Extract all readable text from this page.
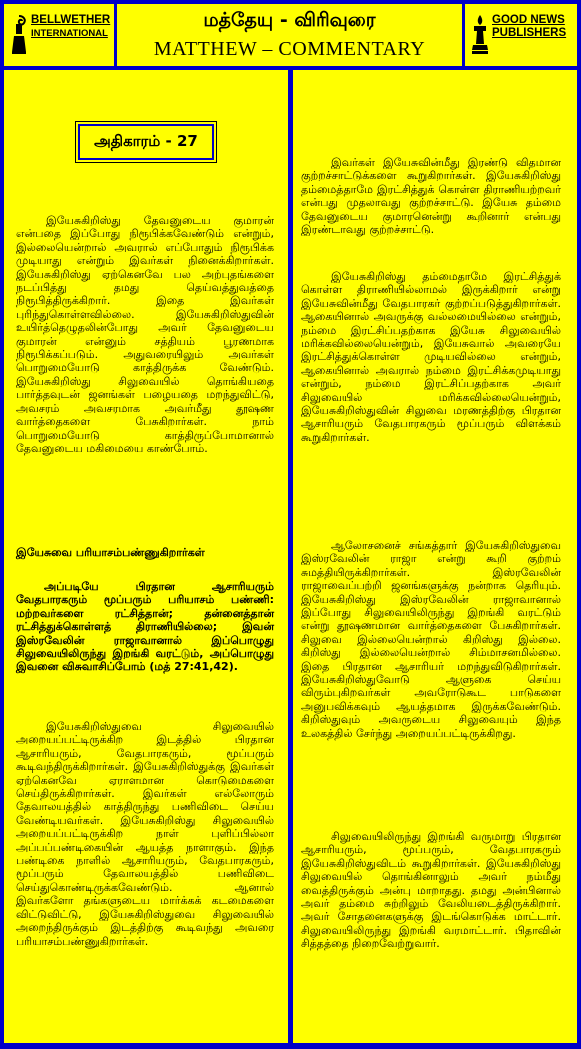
BELLWETHER
INTERNATIONAL
மத்தேயு - விரிவுரை
MATTHEW – COMMENTARY
GOOD NEWS
PUBLISHERS
அதிகாரம் - 27
இயேசுகிறிஸ்து தேவனுடைய குமாரன் என்பதை இப்போது நிரூபிக்கவேண்டும் என்றும், இல்லையென்றால் அவரால் எப்போதும் நிரூபிக்க முடியாது என்றும் இவர்கள் நினைக்கிறார்கள். இயேசுகிறிஸ்து ஏற்கெனவே பல அற்புதங்களை நடப்பித்து தமது தெய்வத்துவத்தை நிரூபித்திருக்கிறார். இதை இவர்கள் புரிந்துகொள்ளவில்லை. இயேசுகிறிஸ்துவின் உயிர்த்தெழுதலின்போது அவர் தேவனுடைய குமாரன் என்னும் சத்தியம் பூரணமாக நிரூபிக்கப்படும். அதுவரையிலும் அவர்கள் பொறுமையோடு காத்திருக்க வேண்டும். இயேசுகிறிஸ்து சிலுவையில் தொங்கியதை பார்த்தவுடன் ஜனங்கள் பழையதை மறந்துவிட்டு, அவசரம் அவசரமாக அவர்மீது தூஷண வார்த்தைகளை பேசுகிறார்கள். நாம் பொறுமையோடு காத்திருப்போமானால் தேவனுடைய மகிமையை காண்போம்.
இயேசுவை பரியாசம்பண்ணுகிறார்கள்
அப்படியே பிரதான ஆசாரியரும் வேதபாரகரும் மூப்பரும் பரியாசம் பண்ணி: மற்றவர்களை ரட்சித்தான்; தன்னைத்தான் ரட்சித்துக்கொள்ளத் திராணியில்லை; இவன் இஸ்ரவேலின் ராஜாவானால் இப்பொழுது சிலுவையிலிருந்து இறங்கி வரட்டும், அப்பொழுது இவனை விசுவாசிப்போம் (மத் 27:41,42).
இயேசுகிறிஸ்துவை சிலுவையில் அறையப்பட்டிருக்கிற இடத்தில் பிரதான ஆசாரியரும், வேதபாரகரும், மூப்பரும் கூடிவந்திருக்கிறார்கள். இயேசுகிறிஸ்துக்கு இவர்கள் ஏற்கெனவே ஏராளமான கொடுமைகளை செய்திருக்கிறார்கள். இவர்கள் எல்லோரும் தேவாலயத்தில் காத்திருந்து பணிவிடை செய்ய வேண்டியவர்கள். இயேசுகிறிஸ்து சிலுவையில் அறையப்பட்டிருக்கிற நாள் புளிப்பில்லா அப்பப்பண்டிகையின் ஆயத்த நாளாகும். இந்த பண்டிகை நாளில் ஆசாரியரும், வேதபாரகரும், மூப்பரும் தேவாலயத்தில் பணிவிடை செய்துகொண்டிருக்கவேண்டும். ஆனால் இவர்களோ தங்களுடைய மார்க்கக் கடமைகளை விட்டுவிட்டு, இயேசுகிறிஸ்துவை சிலுவையில் அறைந்திருக்கும் இடத்திற்கு கூடிவந்து அவரை பரியாசம்பண்ணுகிறார்கள்.
இவர்கள் இயேசுவின்மீது இரண்டு விதமான குற்றச்சாட்டுக்களை கூறுகிறார்கள். இயேசுகிறிஸ்து தம்மைத்தாமே இரட்சித்துக் கொள்ள திராணியற்றவர் என்பது முதலாவது குற்றச்சாட்டு. இயேசு தம்மை தேவனுடைய குமாரனென்று கூறினார் என்பது இரண்டாவது குற்றச்சாட்டு.
இயேசுகிறிஸ்து தம்மைதாமே இரட்சித்துக் கொள்ள திராணியில்லாமல் இருக்கிறார் என்று இயேசுவின்மீது வேதபாரகர் குற்றப்படுத்துகிறார்கள். ஆகையினால் அவருக்கு வல்லமையில்லை என்றும், நம்மை இரட்சிப்பதற்காக இயேசு சிலுவையில் மரிக்கவில்லையென்றும், இயேசுவால் அவரையே இரட்சித்துக்கொள்ள முடியவில்லை என்றும், ஆகையினால் அவரால் நம்மை இரட்சிக்கமுடியாது என்றும், நம்மை இரட்சிப்பதற்காக அவர் சிலுவையில் மரிக்கவில்லையென்றும், இயேசுகிறிஸ்துவின் சிலுவை மரணத்திற்கு பிரதான ஆசாரியரும் வேதபாரகரும் மூப்பரும் விளக்கம் கூறுகிறார்கள்.
ஆலோசனைச் சங்கத்தார் இயேசுகிறிஸ்துவை இஸ்ரவேலின் ராஜா என்று கூறி குற்றம் சுமத்தியிருக்கிறார்கள். இஸ்ரவேலின் ராஜாவைப்பற்றி ஜனங்களுக்கு நன்றாக தெரியும். இயேசுகிறிஸ்து இஸ்ரவேலின் ராஜாவானால் இப்போது சிலுவையிலிருந்து இறங்கி வரட்டும் என்று தூஷணமான வார்த்தைகளை பேசுகிறார்கள். சிலுவை இல்லையென்றால் கிறிஸ்து இல்லை. கிறிஸ்து இல்லையென்றால் சிம்மாசனமில்லை. இதை பிரதான ஆசாரியர் மறந்துவிடுகிறார்கள். இயேசுகிறிஸ்துவோடு ஆளுகை செய்ய விரும்புகிறவர்கள் அவரோடுகூட பாடுகளை அனுபவிக்கவும் ஆயத்தமாக இருக்கவேண்டும். கிறிஸ்துவும் அவருடைய சிலுவையும் இந்த உலகத்தில் சேர்ந்து அறையப்பட்டிருக்கிறது.
சிலுவையிலிருந்து இறங்கி வருமாறு பிரதான ஆசாரியரும், மூப்பரும், வேதபாரகரும் இயேசுகிறிஸ்துவிடம் கூறுகிறார்கள். இயேசுகிறிஸ்து சிலுவையில் தொங்கினாலும் அவர் நம்மீது வைத்திருக்கும் அன்பு மாறாதது. தமது அன்பினால் அவர் தம்மை சுற்றிலும் வேலியடைத்திருக்கிறார். அவர் சோதனைகளுக்கு இடங்கொடுக்க மாட்டார். சிலுவையிலிருந்து இறங்கி வரமாட்டார். பிதாவின் சித்தத்தை நிறைவேற்றுவார்.
